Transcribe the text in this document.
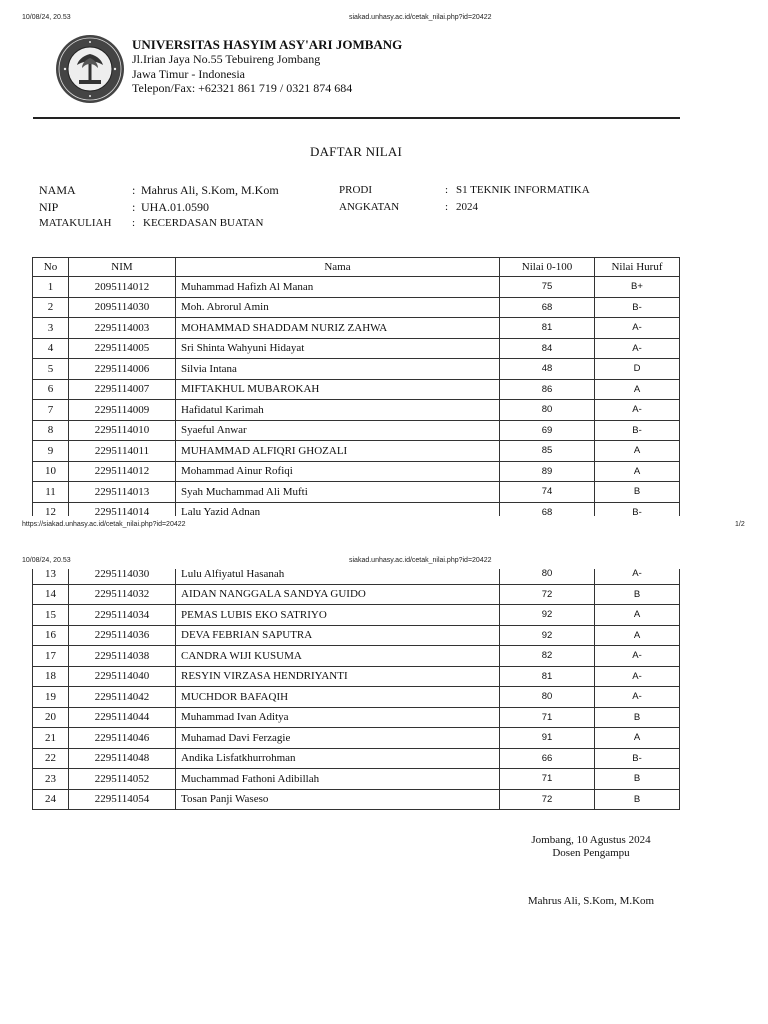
10/08/24, 20.53	siakad.unhasy.ac.id/cetak_nilai.php?id=20422
UNIVERSITAS HASYIM ASY'ARI JOMBANG
Jl.Irian Jaya No.55 Tebuireng Jombang
Jawa Timur - Indonesia
Telepon/Fax: +62321 861 719 / 0321 874 684
DAFTAR NILAI
NAMA	: Mahrus Ali, S.Kom, M.Kom
NIP	: UHA.01.0590
MATAKULIAH : KECERDASAN BUATAN
PRODI	: S1 TEKNIK INFORMATIKA
ANGKATAN	: 2024
No	NIM	Nama	Nilai 0-100	Nilai Huruf
1	2095114012	Muhammad Hafizh Al Manan	75	B+
2	2095114030	Moh. Abrorul Amin	68	B-
3	2295114003	MOHAMMAD SHADDAM NURIZ ZAHWA	81	A-
4	2295114005	Sri Shinta Wahyuni Hidayat	84	A-
5	2295114006	Silvia Intana	48	D
6	2295114007	MIFTAKHUL MUBAROKAH	86	A
7	2295114009	Hafidatul Karimah	80	A-
8	2295114010	Syaeful Anwar	69	B-
9	2295114011	MUHAMMAD ALFIQRI GHOZALI	85	A
10	2295114012	Mohammad Ainur Rofiqi	89	A
11	2295114013	Syah Muchammad Ali Mufti	74	B
12	2295114014	Lalu Yazid Adnan	68	B-
https://siakad.unhasy.ac.id/cetak_nilai.php?id=20422	1/2
10/08/24, 20.53	siakad.unhasy.ac.id/cetak_nilai.php?id=20422
13	2295114030	Lulu Alfiyatul Hasanah	80	A-
14	2295114032	AIDAN NANGGALA SANDYA GUIDO	72	B
15	2295114034	PEMAS LUBIS EKO SATRIYO	92	A
16	2295114036	DEVA FEBRIAN SAPUTRA	92	A
17	2295114038	CANDRA WIJI KUSUMA	82	A-
18	2295114040	RESYIN VIRZASA HENDRIYANTI	81	A-
19	2295114042	MUCHDOR BAFAQIH	80	A-
20	2295114044	Muhammad Ivan Aditya	71	B
21	2295114046	Muhamad Davi Ferzagie	91	A
22	2295114048	Andika Lisfatkhurrohman	66	B-
23	2295114052	Muchammad Fathoni Adibillah	71	B
24	2295114054	Tosan Panji Waseso	72	B
Jombang, 10 Agustus 2024
Dosen Pengampu
Mahrus Ali, S.Kom, M.Kom
